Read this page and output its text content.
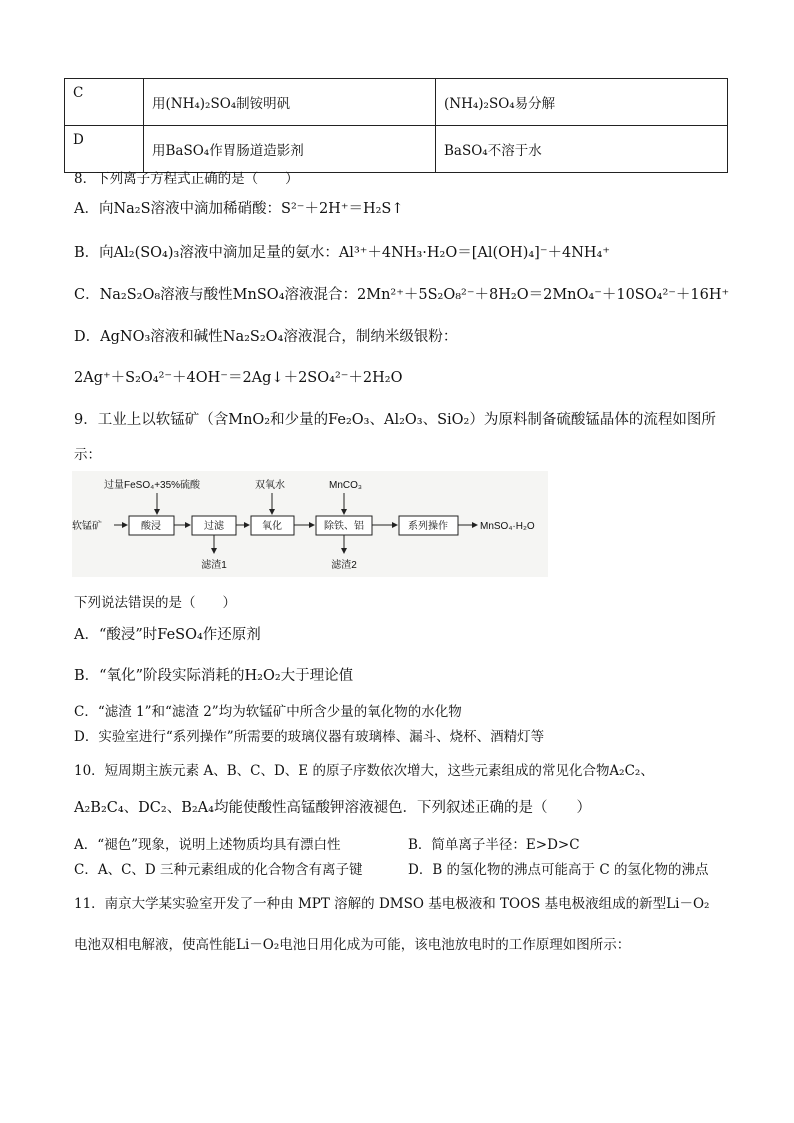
C	用(NH₄)₂SO₄制铵明矾	(NH₄)₂SO₄易分解
D	用BaSO₄作胃肠道造影剂	BaSO₄不溶于水
8．下列离子方程式正确的是（　　）
A．向Na₂S溶液中滴加稀硝酸：S²⁻＋2H⁺＝H₂S↑
B．向Al₂(SO₄)₃溶液中滴加足量的氨水：Al³⁺＋4NH₃·H₂O＝[Al(OH)₄]⁻＋4NH₄⁺
C．Na₂S₂O₈溶液与酸性MnSO₄溶液混合：2Mn²⁺＋5S₂O₈²⁻＋8H₂O＝2MnO₄⁻＋10SO₄²⁻＋16H⁺
D．AgNO₃溶液和碱性Na₂S₂O₄溶液混合，制纳米级银粉：
2Ag⁺＋S₂O₄²⁻＋4OH⁻＝2Ag↓＋2SO₄²⁻＋2H₂O
9．工业上以软锰矿（含MnO₂和少量的Fe₂O₃、Al₂O₃、SiO₂）为原料制备硫酸锰晶体的流程如图所
示：
过量FeSO₄+35%硫酸	双氧水	MnCO₃
软锰矿	酸浸	过滤	氧化	除铁、铝	系列操作	MnSO₄·H₂O
滤渣1	滤渣2
下列说法错误的是（　　）
A．“酸浸”时FeSO₄作还原剂
B．“氧化”阶段实际消耗的H₂O₂大于理论值
C．“滤渣 1”和“滤渣 2”均为软锰矿中所含少量的氧化物的水化物
D．实验室进行“系列操作”所需要的玻璃仪器有玻璃棒、漏斗、烧杯、酒精灯等
10．短周期主族元素 A、B、C、D、E 的原子序数依次增大，这些元素组成的常见化合物A₂C₂、
A₂B₂C₄、DC₂、B₂A₄均能使酸性高锰酸钾溶液褪色．下列叙述正确的是（　　）
A．“褪色”现象，说明上述物质均具有漂白性	B．简单离子半径：E>D>C
C．A、C、D 三种元素组成的化合物含有离子键	D．B 的氢化物的沸点可能高于 C 的氢化物的沸点
11．南京大学某实验室开发了一种由 MPT 溶解的 DMSO 基电极液和 TOOS 基电极液组成的新型Li－O₂
电池双相电解液，使高性能Li－O₂电池日用化成为可能，该电池放电时的工作原理如图所示：
